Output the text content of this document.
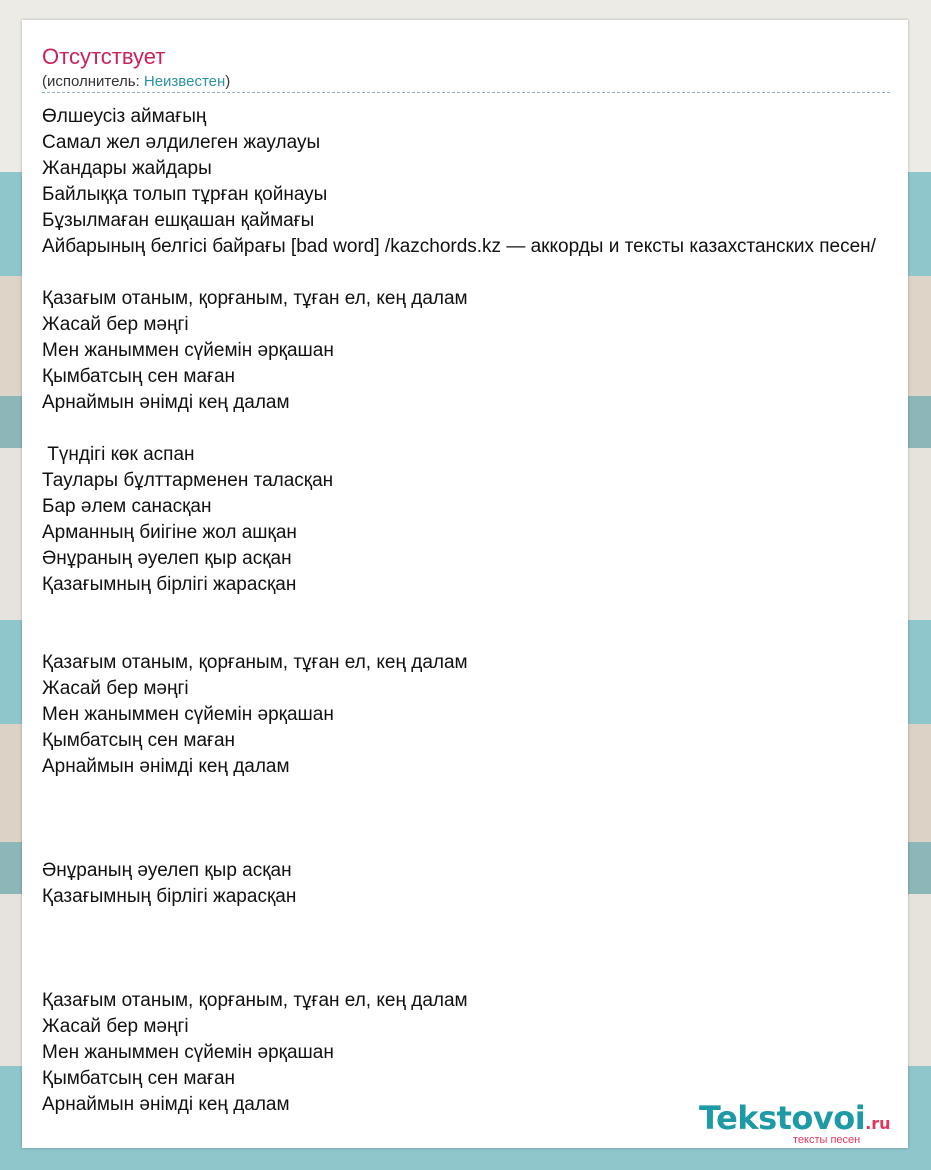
Отсутствует
(исполнитель: Неизвестен)
Өлшеусіз аймағың
Самал жел әлдилеген жаулауы
Жандары жайдары
Байлыққа толып тұрған қойнауы
Бұзылмаған ешқашан қаймағы
Айбарының белгісі байрағы [bad word] /kazchords.kz — аккорды и тексты казахстанских песен/
Қазағым отаным, қорғаным, тұған ел, кең далам
Жасай бер мәңгі
Мен жаныммен сүйемін әрқашан
Қымбатсың сен маған
Арнаймын әнімді кең далам
Түндігі көк аспан
Таулары бұлттарменен таласқан
Бар әлем санасқан
Арманның биігіне жол ашқан
Әнұраның әуелеп қыр асқан
Қазағымның бірлігі жарасқан
Қазағым отаным, қорғаным, тұған ел, кең далам
Жасай бер мәңгі
Мен жаныммен сүйемін әрқашан
Қымбатсың сен маған
Арнаймын әнімді кең далам
Әнұраның әуелеп қыр асқан
Қазағымның бірлігі жарасқан
Қазағым отаным, қорғаным, тұған ел, кең далам
Жасай бер мәңгі
Мен жаныммен сүйемін әрқашан
Қымбатсың сен маған
Арнаймын әнімді кең далам	Tekstovoi.ru
тексты песен
